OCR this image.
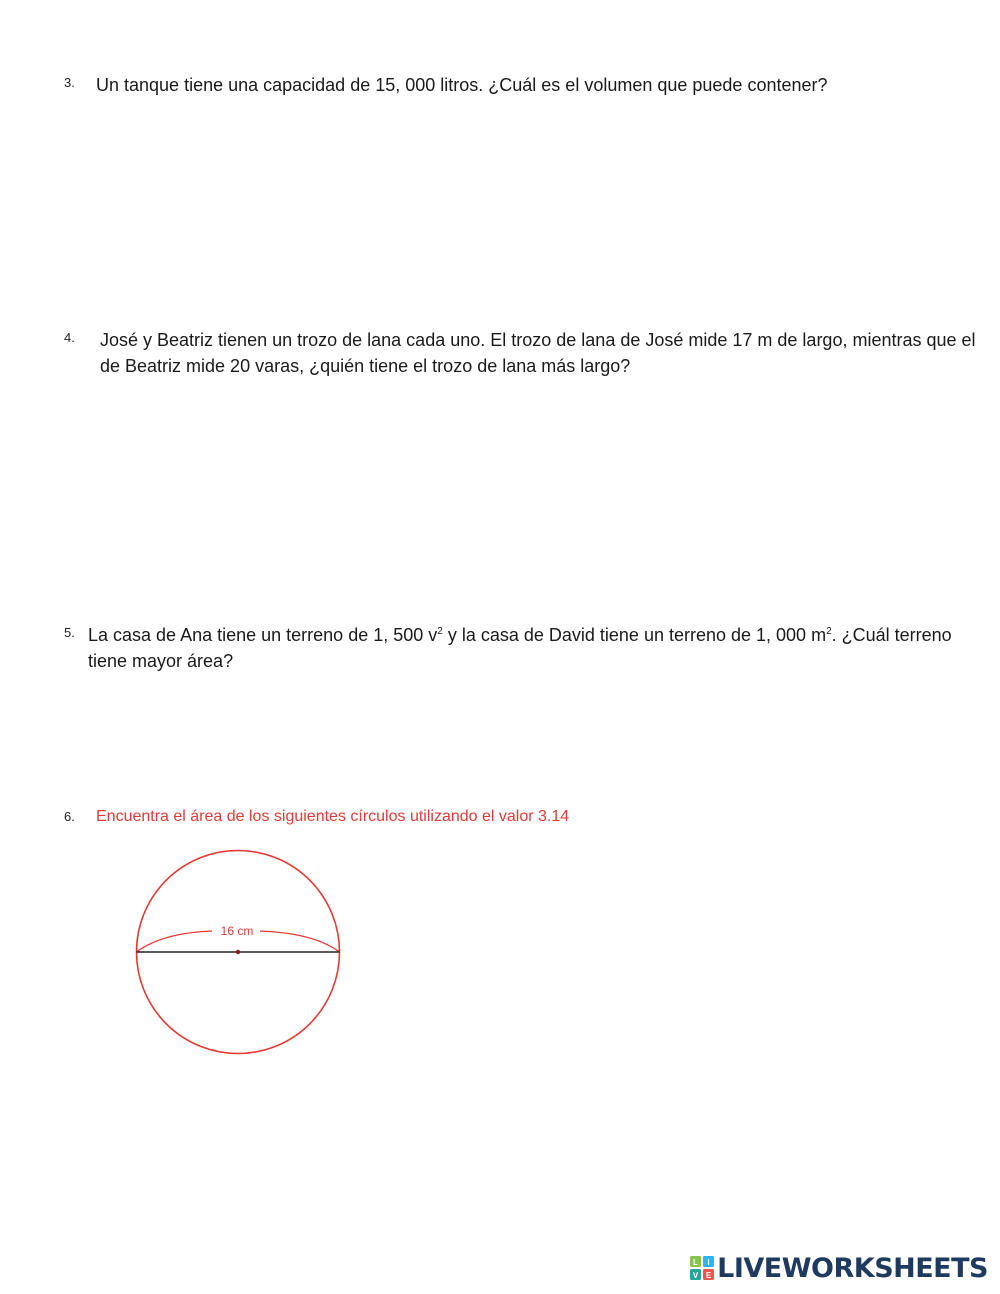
3.	Un tanque tiene una capacidad de 15, 000 litros. ¿Cuál es el volumen que puede contener?
4.	José y Beatriz tienen un trozo de lana cada uno. El trozo de lana de José mide 17 m de largo, mientras que el de Beatriz mide 20 varas, ¿quién tiene el trozo de lana más largo?
5. La casa de Ana tiene un terreno de 1, 500 $v^2$ y la casa de David tiene un terreno de 1, 000 $m^2$. ¿Cuál terreno tiene mayor área?
6.	Encuentra el área de los siguientes círculos utilizando el valor 3.14
16 cm
L I
V E LIVEWORKSHEETS
